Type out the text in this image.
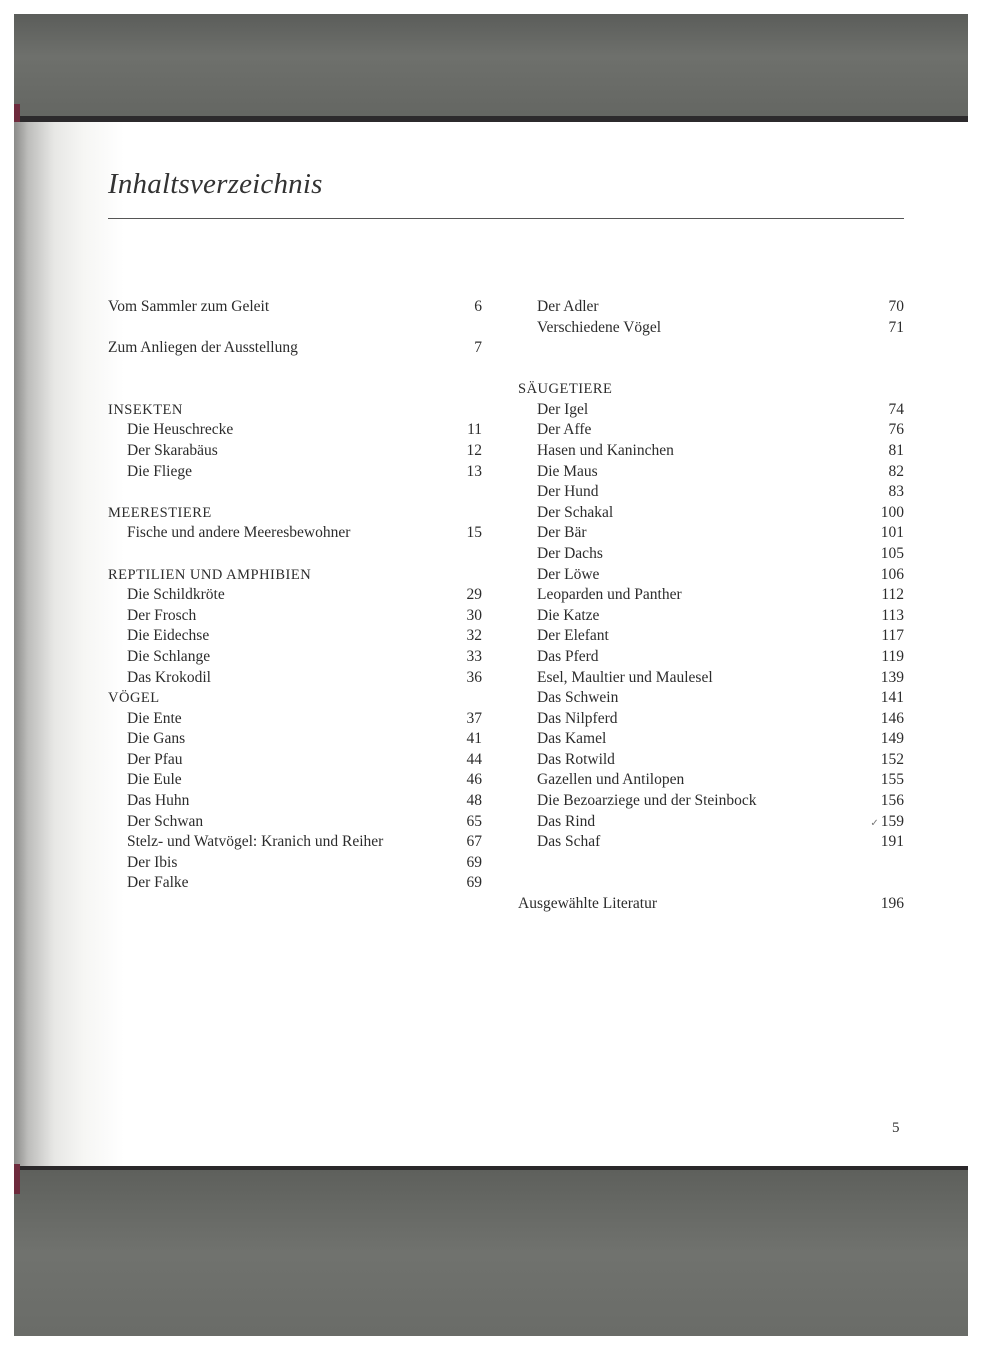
Inhaltsverzeichnis
Vom Sammler zum Geleit	6
Zum Anliegen der Ausstellung	7
INSEKTEN
Die Heuschrecke	11
Der Skarabäus	12
Die Fliege	13
MEERESTIERE
Fische und andere Meeresbewohner	15
REPTILIEN UND AMPHIBIEN
Die Schildkröte	29
Der Frosch	30
Die Eidechse	32
Die Schlange	33
Das Krokodil	36
VÖGEL
Die Ente	37
Die Gans	41
Der Pfau	44
Die Eule	46
Das Huhn	48
Der Schwan	65
Stelz- und Watvögel: Kranich und Reiher	67
Der Ibis	69
Der Falke	69
Der Adler	70
Verschiedene Vögel	71
SÄUGETIERE
Der Igel	74
Der Affe	76
Hasen und Kaninchen	81
Die Maus	82
Der Hund	83
Der Schakal	100
Der Bär	101
Der Dachs	105
Der Löwe	106
Leoparden und Panther	112
Die Katze	113
Der Elefant	117
Das Pferd	119
Esel, Maultier und Maulesel	139
Das Schwein	141
Das Nilpferd	146
Das Kamel	149
Das Rotwild	152
Gazellen und Antilopen	155
Die Bezoarziege und der Steinbock	156
Das Rind	✓ 159
Das Schaf	191
Ausgewählte Literatur	196
5
